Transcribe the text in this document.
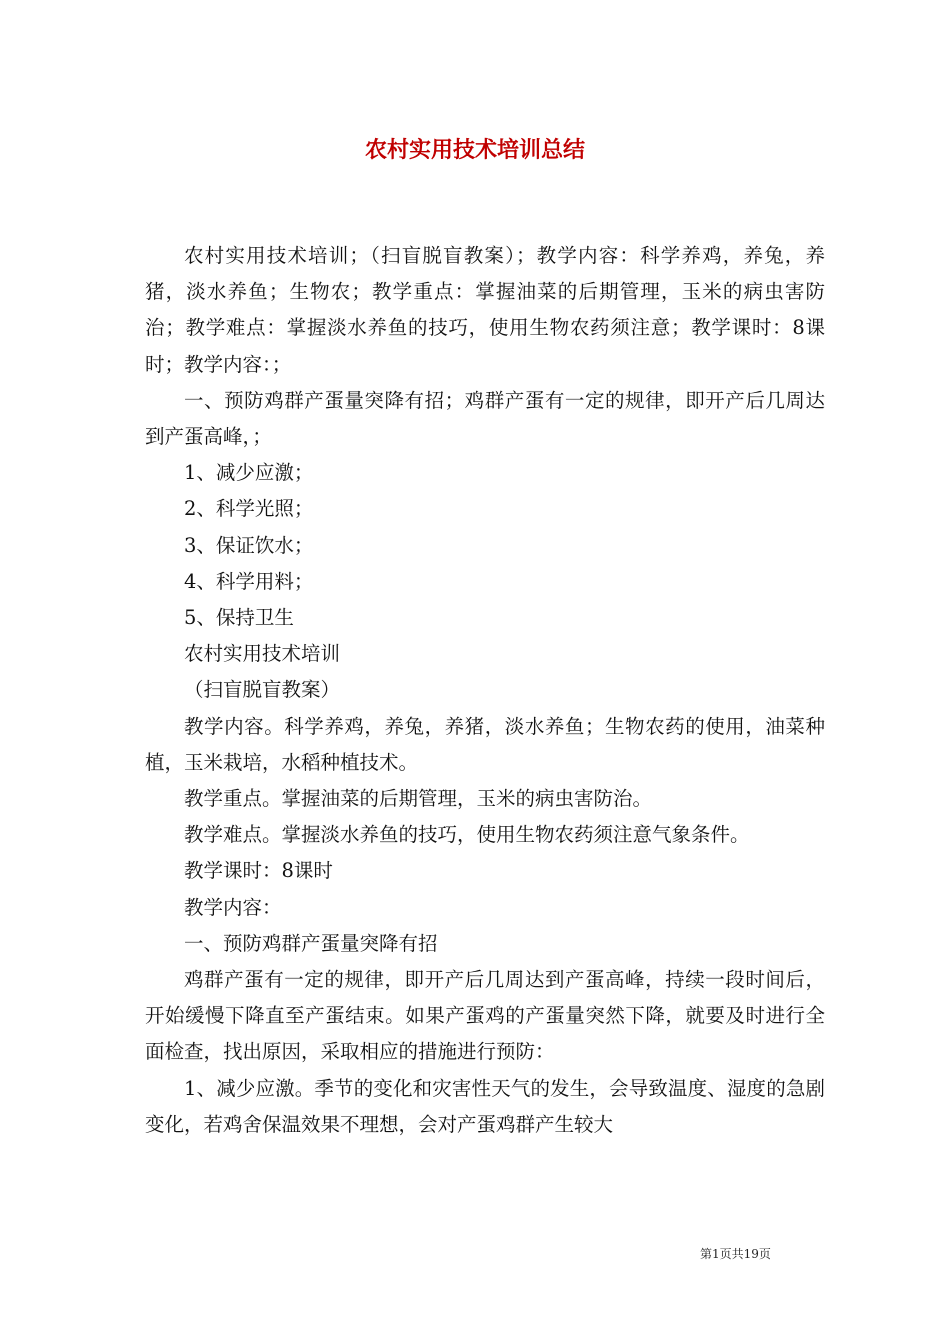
农村实用技术培训总结

农村实用技术培训；（扫盲脱盲教案）；教学内容：科学养鸡，养兔，养猪，淡水养鱼；生物农；教学重点：掌握油菜的后期管理，玉米的病虫害防治；教学难点：掌握淡水养鱼的技巧，使用生物农药须注意；教学课时：8课时；教学内容：；

一、预防鸡群产蛋量突降有招；鸡群产蛋有一定的规律，即开产后几周达到产蛋高峰，；

1、减少应激；

2、科学光照；

3、保证饮水；

4、科学用料；

5、保持卫生

农村实用技术培训

（扫盲脱盲教案）

教学内容。科学养鸡，养兔，养猪，淡水养鱼；生物农药的使用，油菜种植，玉米栽培，水稻种植技术。

教学重点。掌握油菜的后期管理，玉米的病虫害防治。

教学难点。掌握淡水养鱼的技巧，使用生物农药须注意气象条件。

教学课时：8课时

教学内容：

一、预防鸡群产蛋量突降有招

鸡群产蛋有一定的规律，即开产后几周达到产蛋高峰，持续一段时间后，开始缓慢下降直至产蛋结束。如果产蛋鸡的产蛋量突然下降，就要及时进行全面检查，找出原因，采取相应的措施进行预防：

1、减少应激。季节的变化和灾害性天气的发生，会导致温度、湿度的急剧变化，若鸡舍保温效果不理想，会对产蛋鸡群产生较大

第1页共19页
